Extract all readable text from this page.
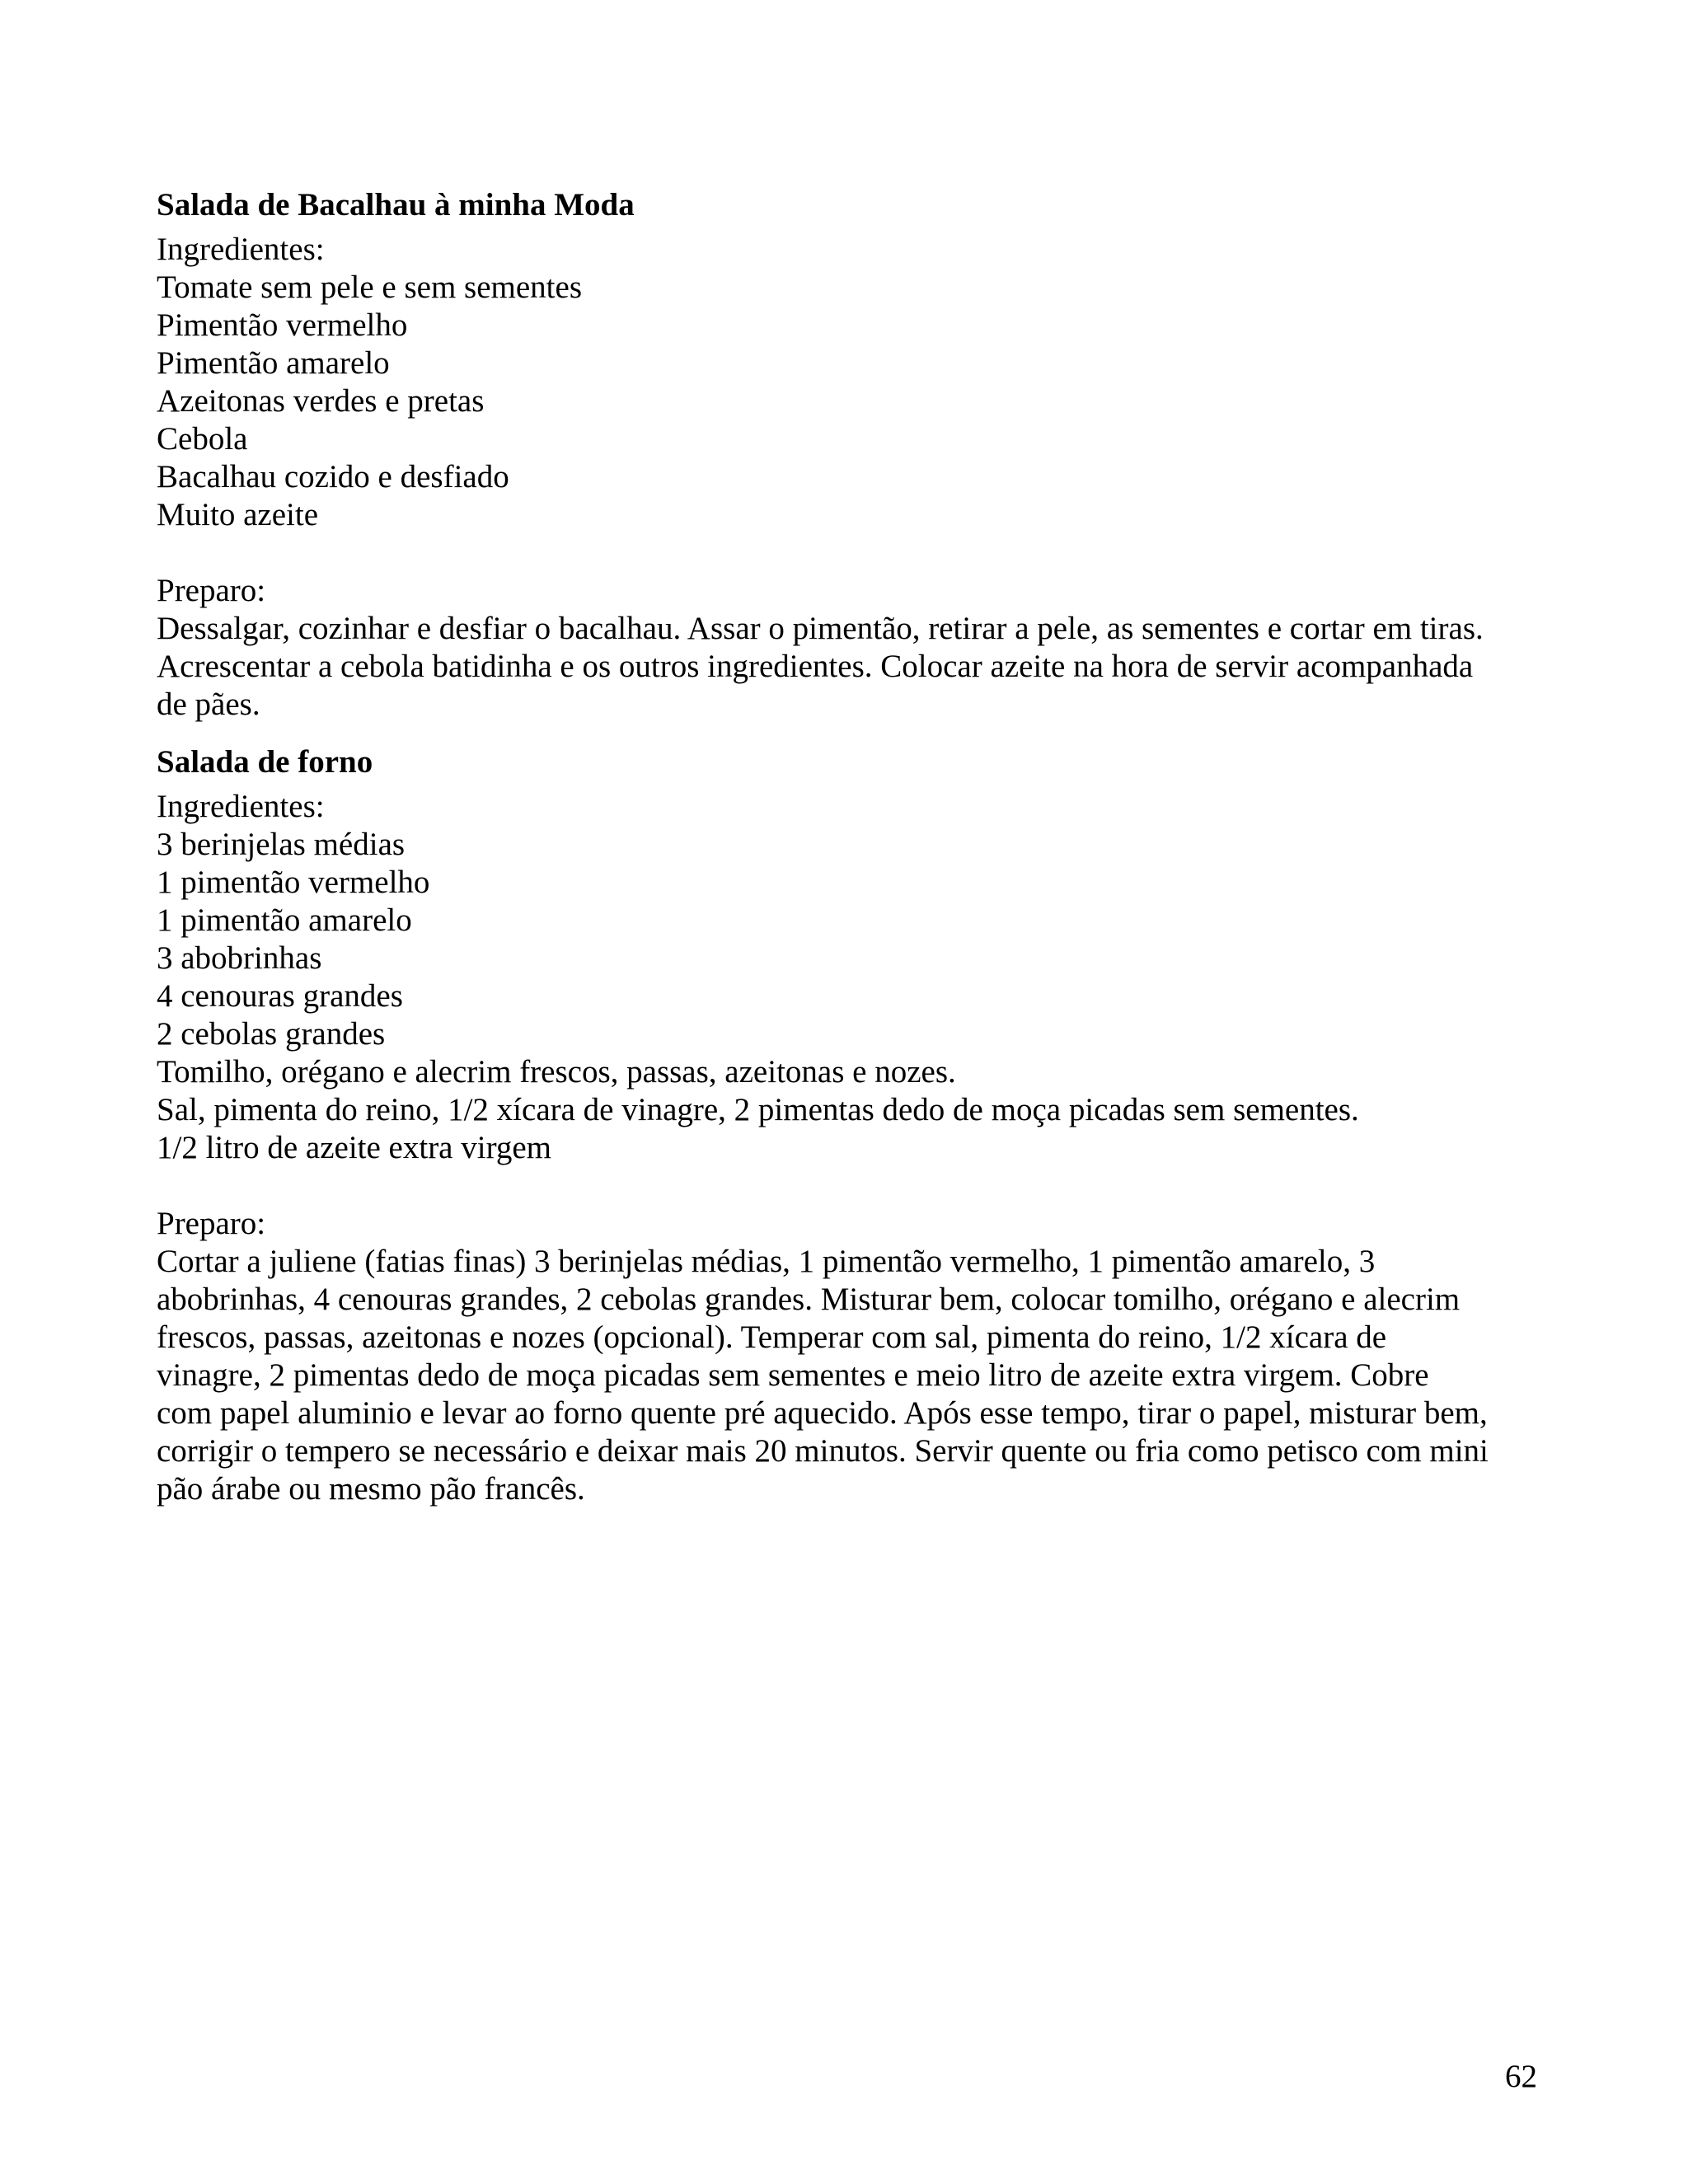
Salada de Bacalhau à minha Moda
Ingredientes:
Tomate sem pele e sem sementes
Pimentão vermelho
Pimentão amarelo
Azeitonas verdes e pretas
Cebola
Bacalhau cozido e desfiado
Muito azeite
Preparo:
Dessalgar, cozinhar e desfiar o bacalhau. Assar o pimentão, retirar a pele, as sementes e cortar em tiras.
Acrescentar a cebola batidinha e os outros ingredientes. Colocar azeite na hora de servir acompanhada
de pães.
Salada de forno
Ingredientes:
3 berinjelas médias
1 pimentão vermelho
1 pimentão amarelo
3 abobrinhas
4 cenouras grandes
2 cebolas grandes
Tomilho, orégano e alecrim frescos, passas, azeitonas e nozes.
Sal, pimenta do reino, 1/2 xícara de vinagre, 2 pimentas dedo de moça picadas sem sementes.
1/2 litro de azeite extra virgem
Preparo:
Cortar a juliene (fatias finas) 3 berinjelas médias, 1 pimentão vermelho, 1 pimentão amarelo, 3
abobrinhas, 4 cenouras grandes, 2 cebolas grandes. Misturar bem, colocar tomilho, orégano e alecrim
frescos, passas, azeitonas e nozes (opcional). Temperar com sal, pimenta do reino, 1/2 xícara de
vinagre, 2 pimentas dedo de moça picadas sem sementes e meio litro de azeite extra virgem. Cobre
com papel aluminio e levar ao forno quente pré aquecido. Após esse tempo, tirar o papel, misturar bem,
corrigir o tempero se necessário e deixar mais 20 minutos. Servir quente ou fria como petisco com mini
pão árabe ou mesmo pão francês.
62
